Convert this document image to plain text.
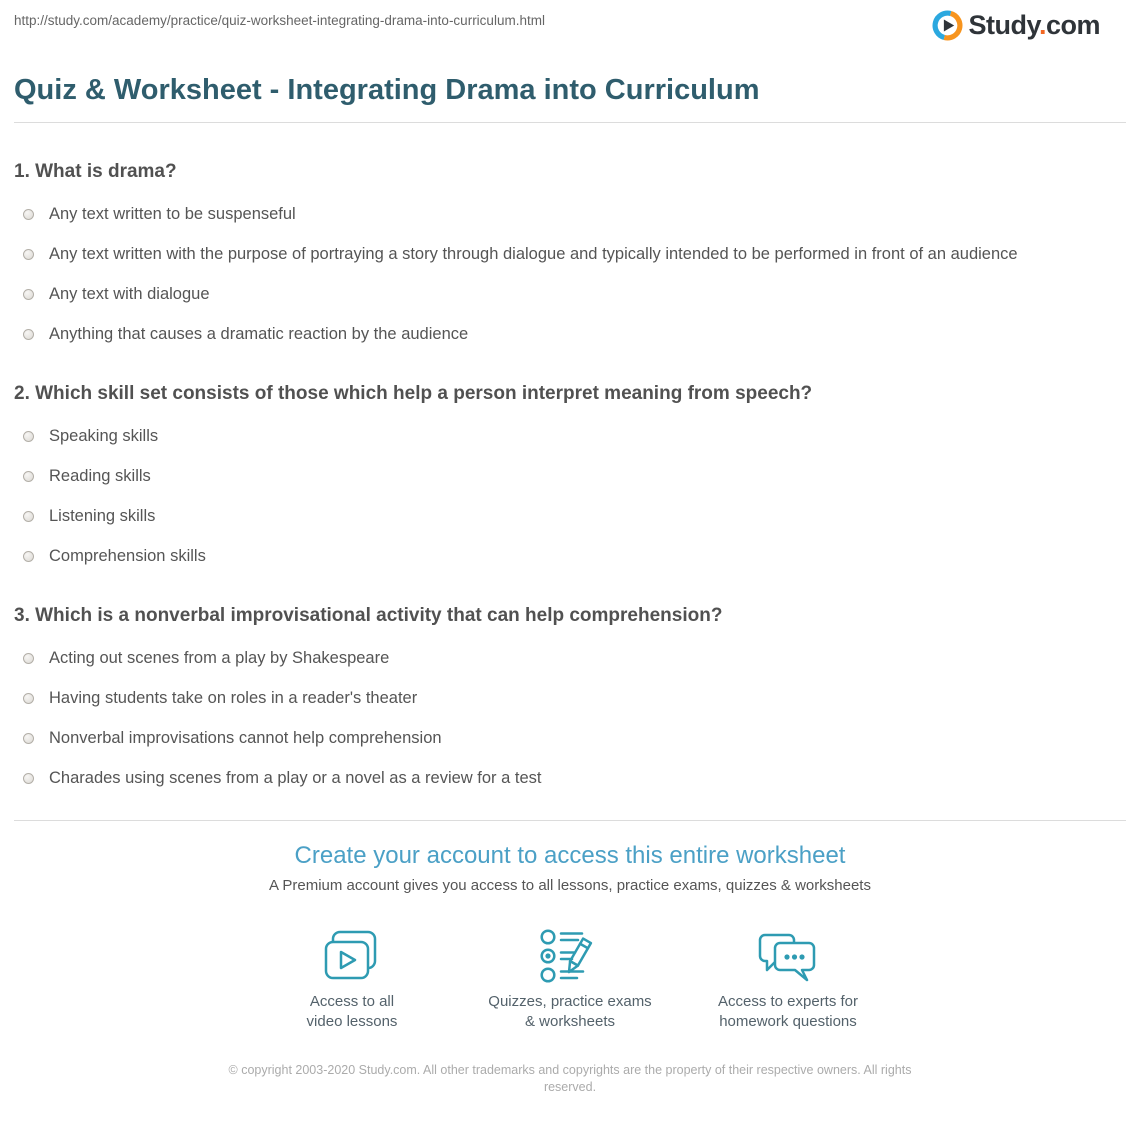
http://study.com/academy/practice/quiz-worksheet-integrating-drama-into-curriculum.html	Study.com
Quiz & Worksheet - Integrating Drama into Curriculum
1. What is drama?
Any text written to be suspenseful
Any text written with the purpose of portraying a story through dialogue and typically intended to be performed in front of an audience
Any text with dialogue
Anything that causes a dramatic reaction by the audience
2. Which skill set consists of those which help a person interpret meaning from speech?
Speaking skills
Reading skills
Listening skills
Comprehension skills
3. Which is a nonverbal improvisational activity that can help comprehension?
Acting out scenes from a play by Shakespeare
Having students take on roles in a reader's theater
Nonverbal improvisations cannot help comprehension
Charades using scenes from a play or a novel as a review for a test
Create your account to access this entire worksheet
A Premium account gives you access to all lessons, practice exams, quizzes & worksheets
Access to all
video lessons
Quizzes, practice exams
& worksheets
Access to experts for
homework questions
© copyright 2003-2020 Study.com. All other trademarks and copyrights are the property of their respective owners. All rights reserved.
